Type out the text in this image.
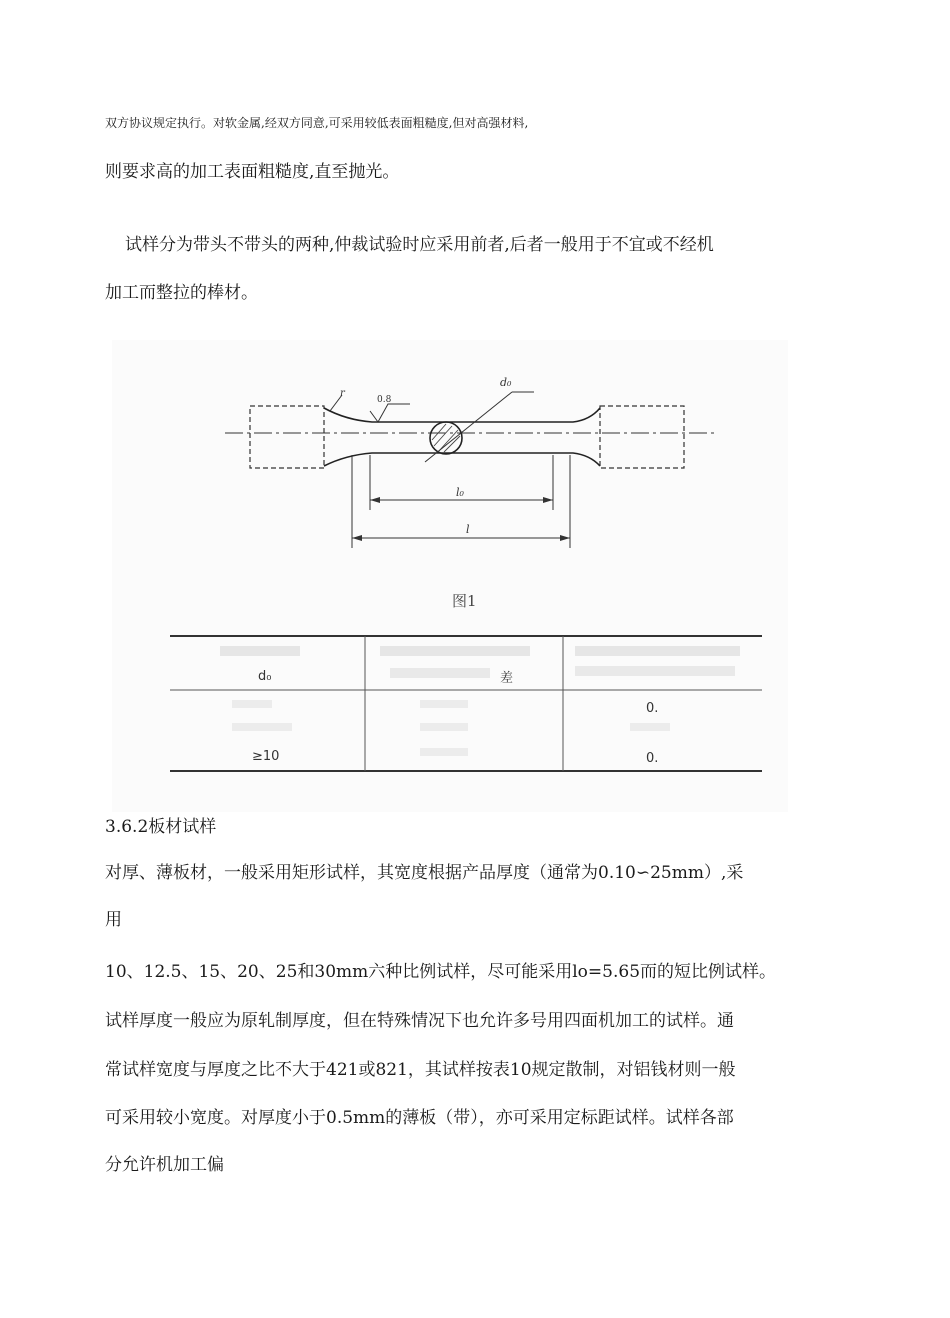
双方协议规定执行。对软金属,经双方同意,可采用较低表面粗糙度,但对高强材料,
则要求高的加工表面粗糙度,直至抛光。
试样分为带头不带头的两种,仲裁试验时应采用前者,后者一般用于不宜或不经机
加工而整拉的棒材。
0.8
r
d₀
l₀
l
图1
d₀	差
0.
≥10	0.
3.6.2板材试样
对厚、薄板材，一般采用矩形试样，其宽度根据产品厚度（通常为0.10∽25mm）,采
用
10、12.5、15、20、25和30mm六种比例试样，尽可能采用lo=5.65而的短比例试样。
试样厚度一般应为原轧制厚度，但在特殊情况下也允许多号用四面机加工的试样。通
常试样宽度与厚度之比不大于421或821，其试样按表10规定散制，对铝钱材则一般
可采用较小宽度。对厚度小于0.5mm的薄板（带），亦可采用定标距试样。试样各部
分允许机加工偏
